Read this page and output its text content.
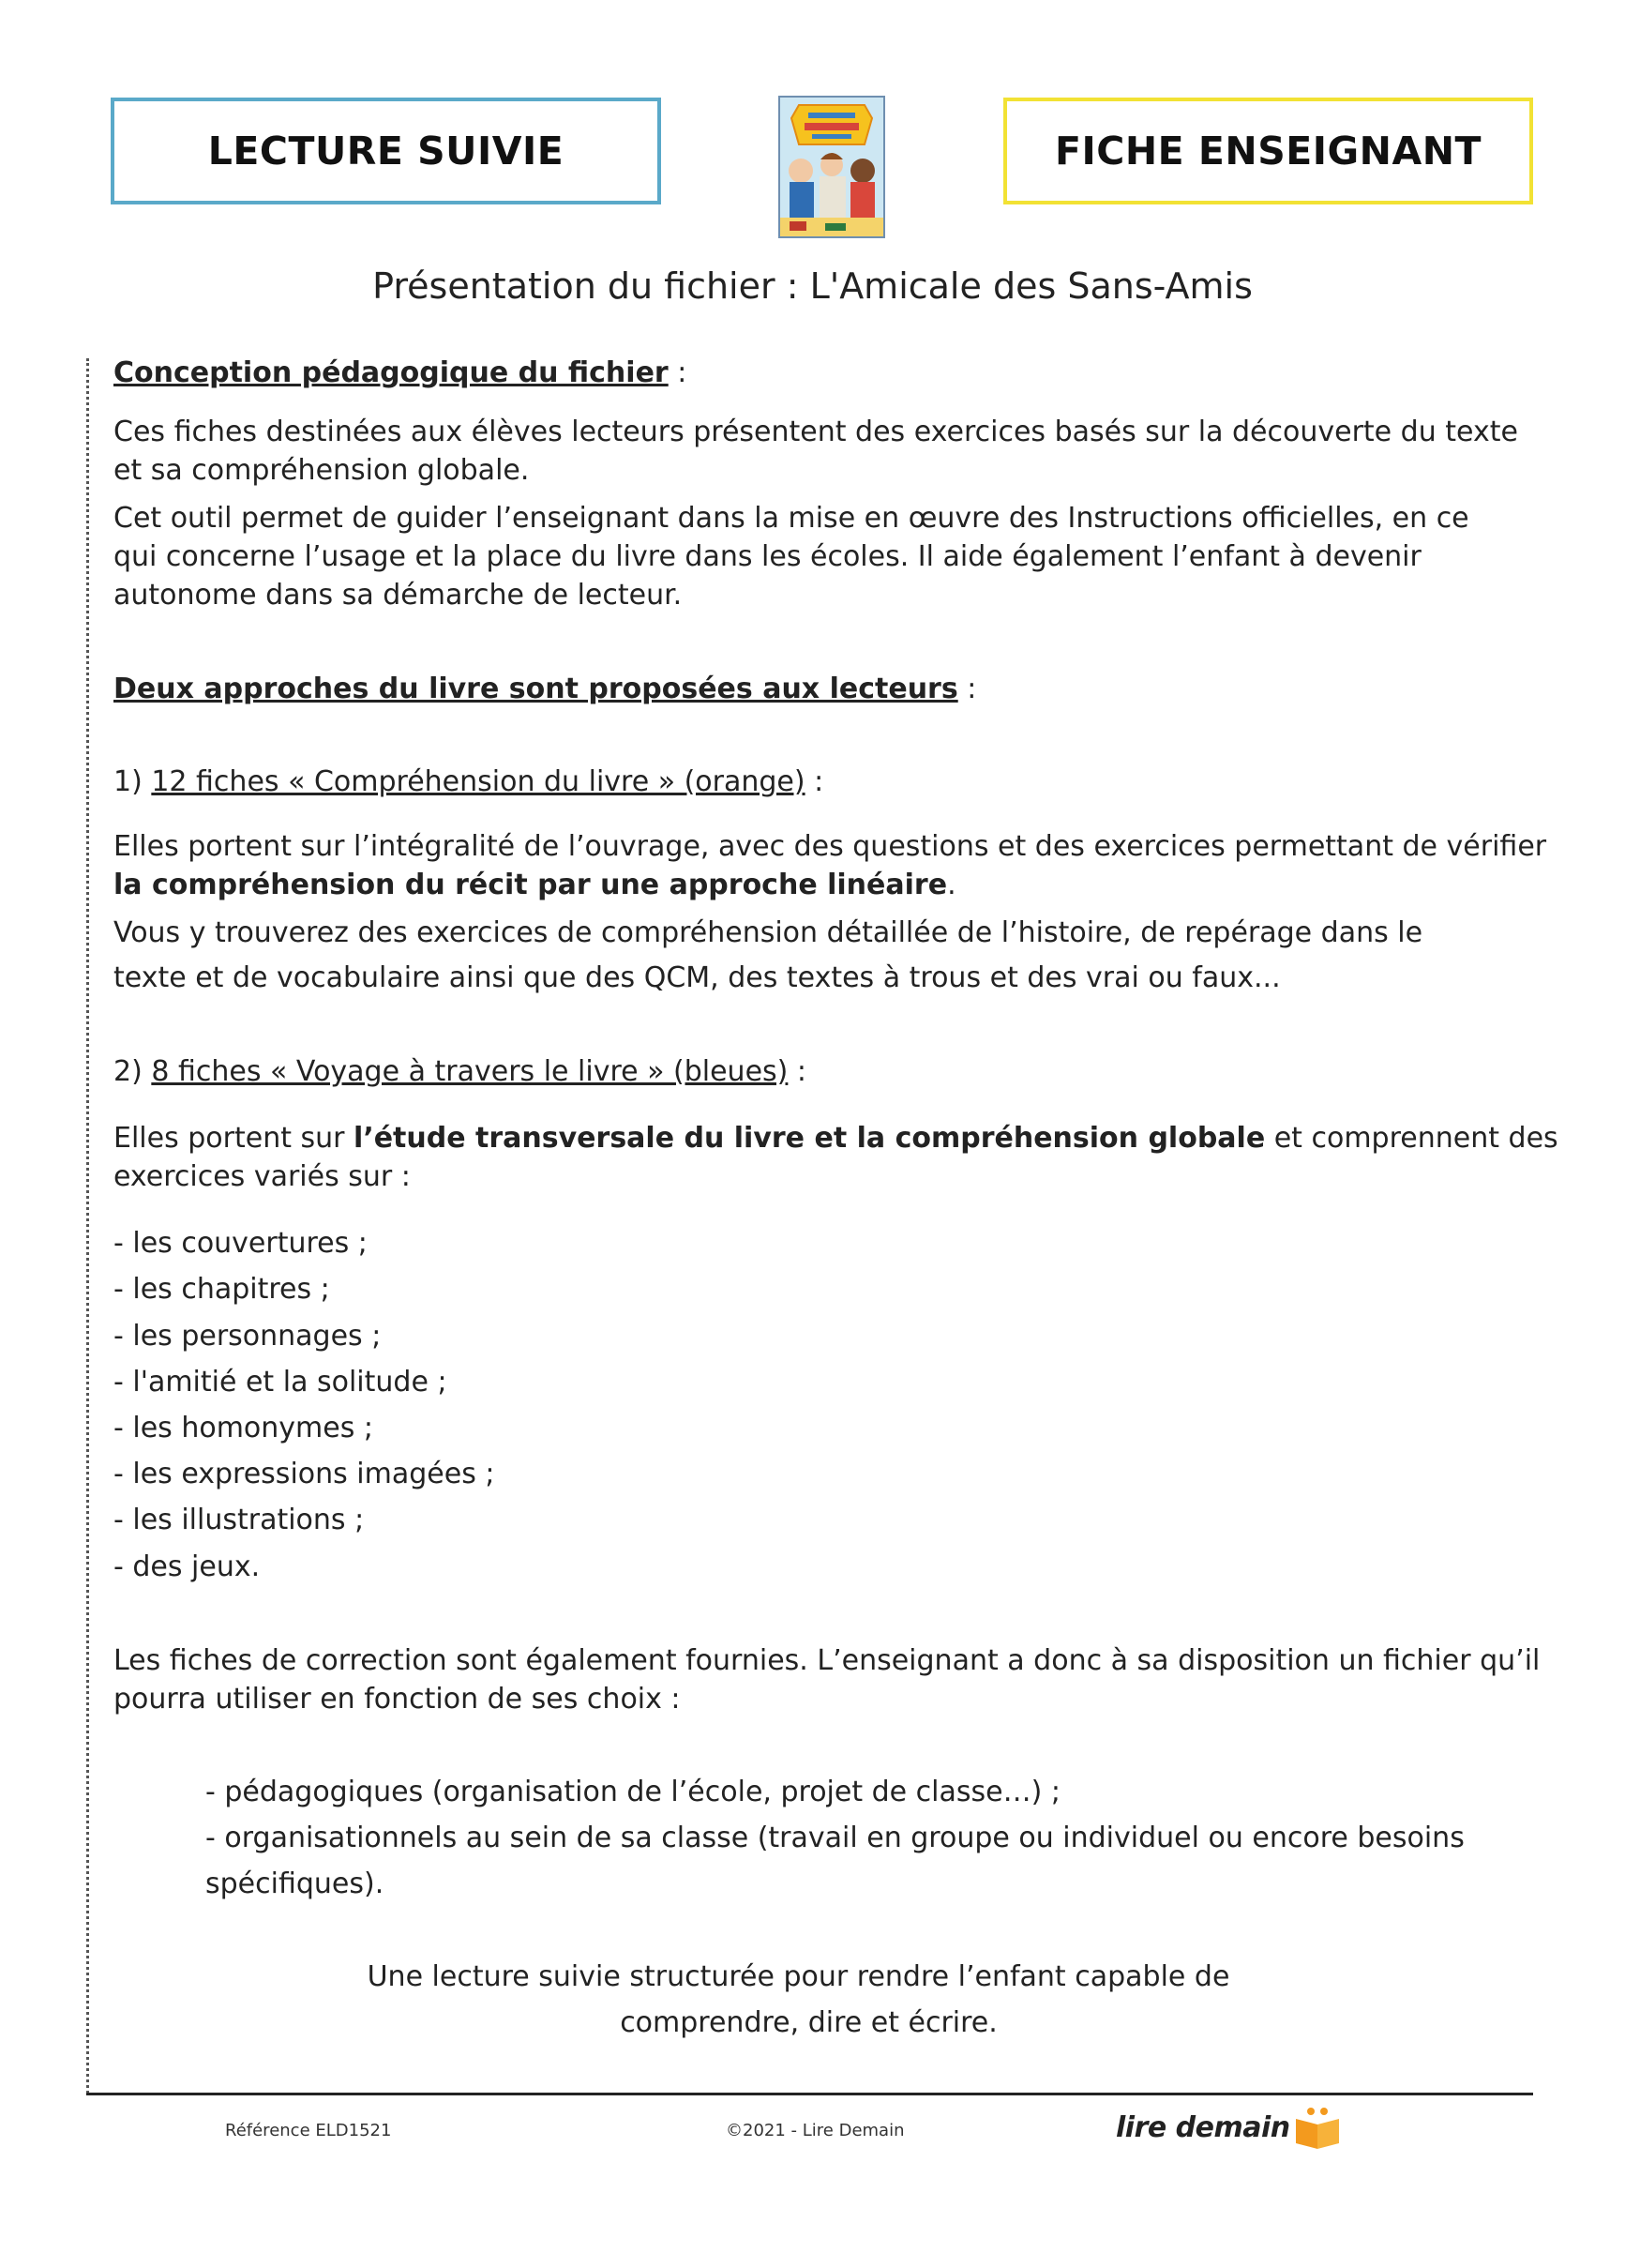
LECTURE SUIVIE	FICHE ENSEIGNANT
Présentation du fichier : L'Amicale des Sans-Amis
Conception pédagogique du fichier :
Ces fiches destinées aux élèves lecteurs présentent des exercices basés sur la découverte du texte
et sa compréhension globale.
Cet outil permet de guider l’enseignant dans la mise en œuvre des Instructions officielles, en ce
qui concerne l’usage et la place du livre dans les écoles. Il aide également l’enfant à devenir
autonome dans sa démarche de lecteur.
Deux approches du livre sont proposées aux lecteurs :
1) 12 fiches « Compréhension du livre » (orange) :
Elles portent sur l’intégralité de l’ouvrage, avec des questions et des exercices permettant de vérifier
la compréhension du récit par une approche linéaire.
Vous y trouverez des exercices de compréhension détaillée de l’histoire, de repérage dans le
texte et de vocabulaire ainsi que des QCM, des textes à trous et des vrai ou faux...
2) 8 fiches « Voyage à travers le livre » (bleues) :
Elles portent sur l’étude transversale du livre et la compréhension globale et comprennent des
exercices variés sur :
- les couvertures ;
- les chapitres ;
- les personnages ;
- l'amitié et la solitude ;
- les homonymes ;
- les expressions imagées ;
- les illustrations ;
- des jeux.
Les fiches de correction sont également fournies. L’enseignant a donc à sa disposition un fichier qu’il
pourra utiliser en fonction de ses choix :
- pédagogiques (organisation de l’école, projet de classe…) ;
- organisationnels au sein de sa classe (travail en groupe ou individuel ou encore besoins
spécifiques).
Une lecture suivie structurée pour rendre l’enfant capable de
comprendre, dire et écrire.
Référence ELD1521	©2021 - Lire Demain	lire demain
